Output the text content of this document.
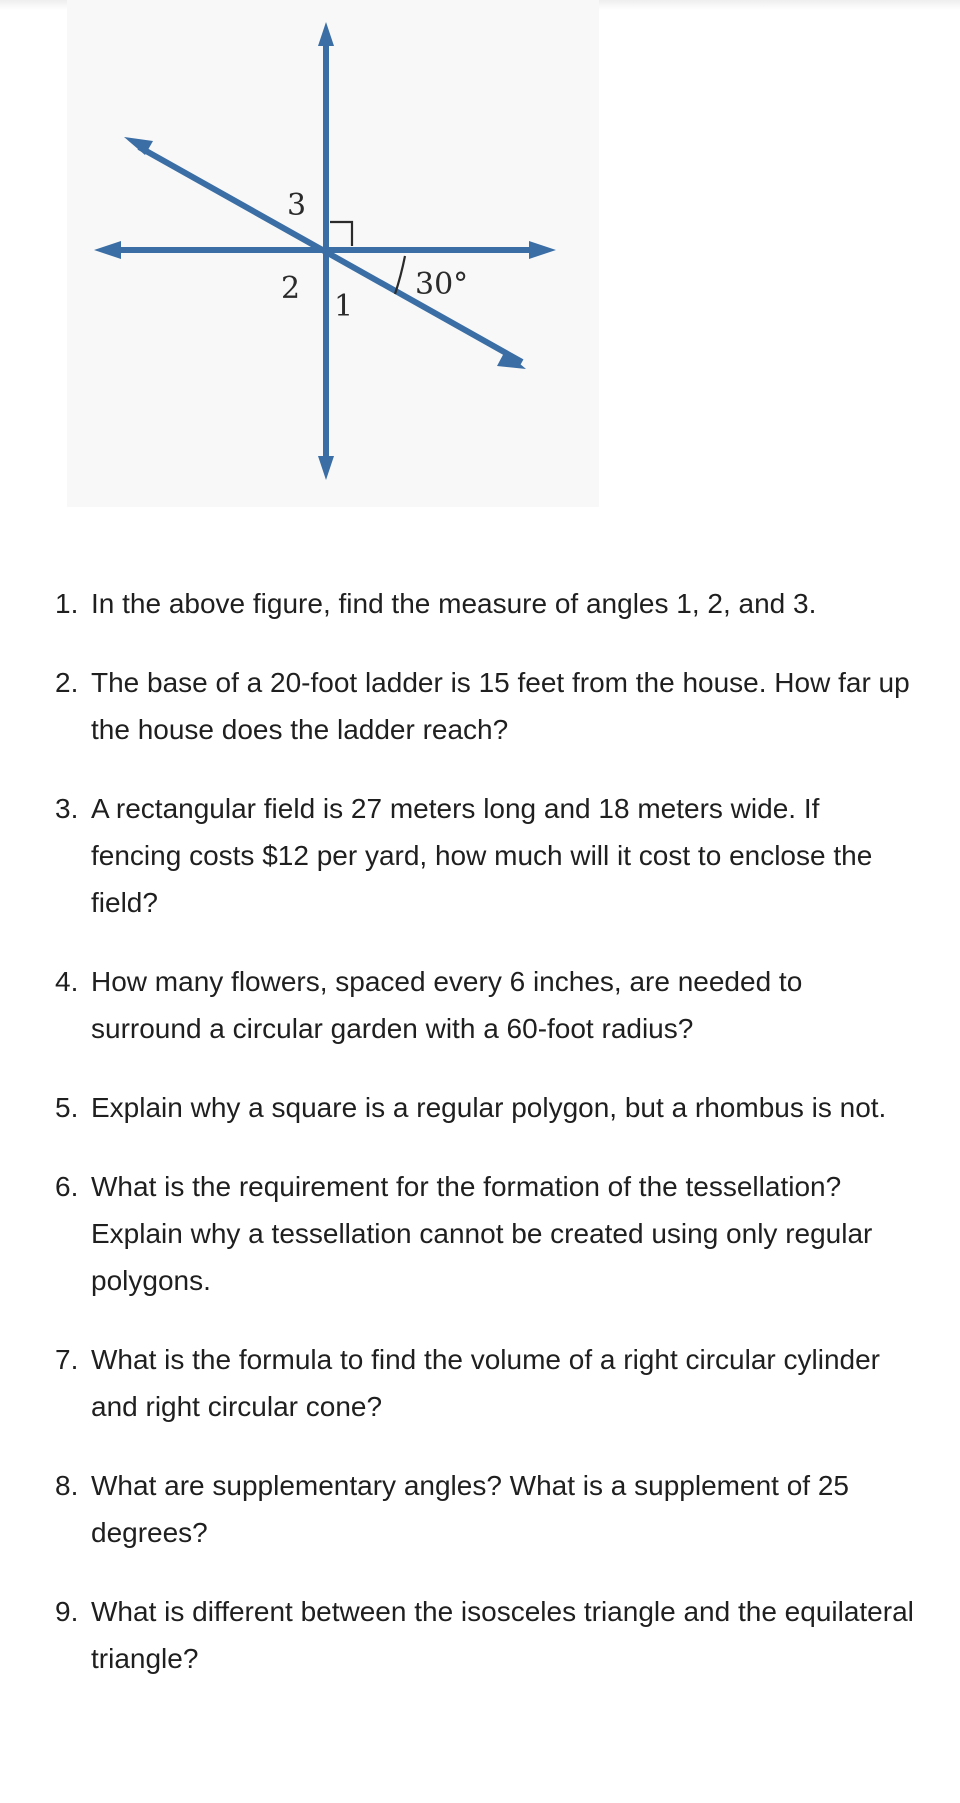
3
2
1
30°
1. In the above figure, find the measure of angles 1, 2, and 3.
2. The base of a 20-foot ladder is 15 feet from the house. How far up the house does the ladder reach?
3. A rectangular field is 27 meters long and 18 meters wide. If fencing costs $12 per yard, how much will it cost to enclose the field?
4. How many flowers, spaced every 6 inches, are needed to surround a circular garden with a 60-foot radius?
5. Explain why a square is a regular polygon, but a rhombus is not.
6. What is the requirement for the formation of the tessellation? Explain why a tessellation cannot be created using only regular polygons.
7. What is the formula to find the volume of a right circular cylinder and right circular cone?
8. What are supplementary angles? What is a supplement of 25 degrees?
9. What is different between the isosceles triangle and the equilateral triangle?
